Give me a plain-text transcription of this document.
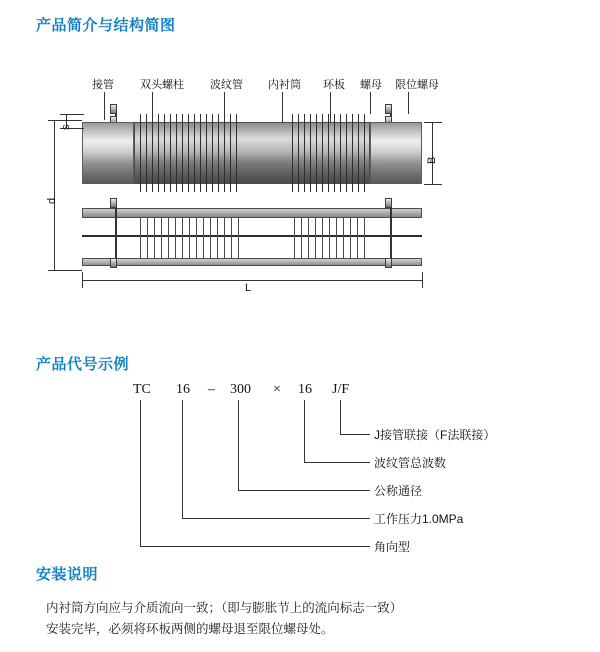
产品简介与结构简图
产品代号示例
安装说明
接管 双头螺柱 波纹管 内衬筒 环板 螺母 限位螺母
s
d
B
L
TC 16 – 300 × 16 J/F
J接管联接（F法联接）
波纹管总波数
公称通径
工作压力1.0MPa
角向型

内衬筒方向应与介质流向一致；（即与膨胀节上的流向标志一致）

安装完毕，必须将环板两侧的螺母退至限位螺母处。
